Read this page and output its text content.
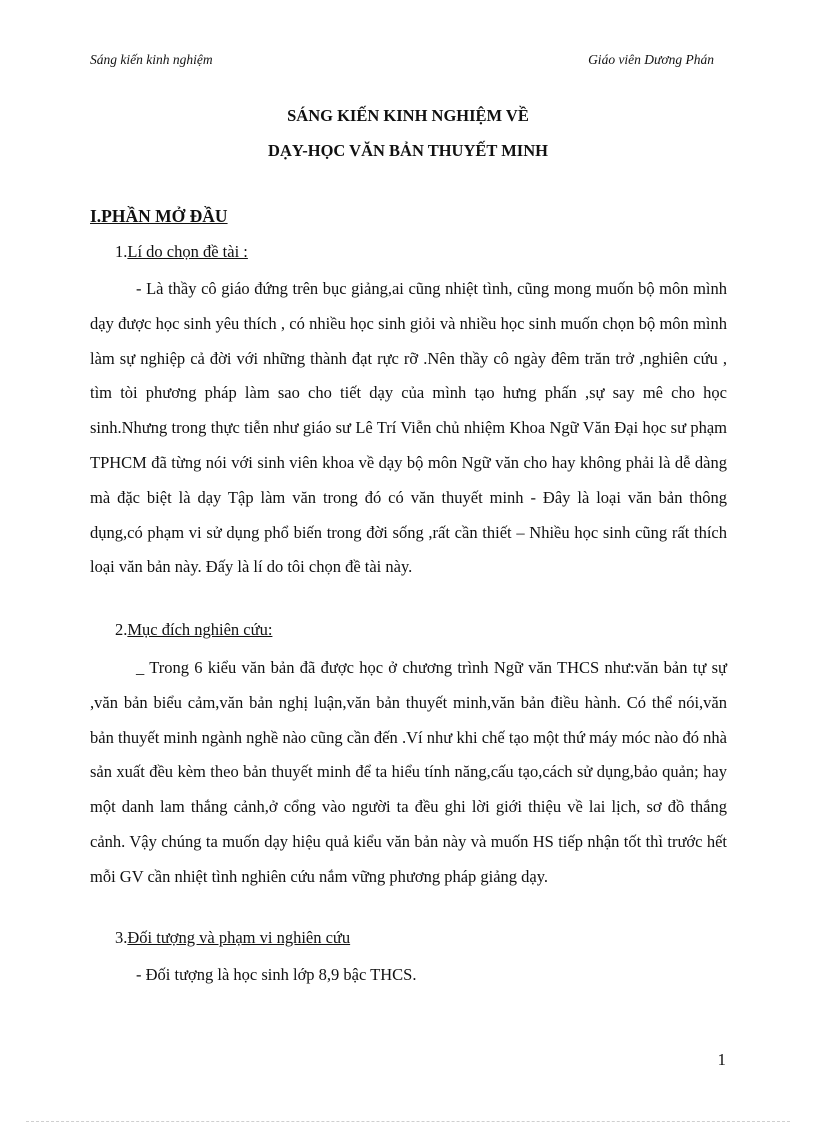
Sáng kiến kinh nghiệm	Giáo viên Dương Phán
SÁNG KIẾN KINH NGHIỆM VỀ
DẠY-HỌC VĂN BẢN THUYẾT MINH
I.PHẦN MỞ ĐẦU
1.Lí do chọn đề tài :

- Là thầy cô giáo đứng trên bục giảng,ai cũng nhiệt tình, cũng mong muốn bộ môn mình dạy được học sinh yêu thích , có nhiều học sinh giỏi và nhiều học sinh muốn chọn bộ môn mình làm sự nghiệp cả đời với những thành đạt rực rỡ .Nên thầy cô ngày đêm trăn trở ,nghiên cứu , tìm tòi phương pháp làm sao cho tiết dạy của mình tạo hưng phấn ,sự say mê cho học sinh.Nhưng trong thực tiễn như giáo sư Lê Trí Viễn chủ nhiệm Khoa Ngữ Văn Đại học sư phạm TPHCM đã từng nói với sinh viên khoa về dạy bộ môn Ngữ văn cho hay không phải là dễ dàng mà đặc biệt là dạy Tập làm văn trong đó có văn thuyết minh - Đây là loại văn bản thông dụng,có phạm vi sử dụng phổ biến trong đời sống ,rất cần thiết – Nhiều học sinh cũng rất thích loại văn bản này. Đấy là lí do tôi chọn đề tài này.

2.Mục đích nghiên cứu:

_ Trong 6 kiểu văn bản đã được học ở chương trình Ngữ văn THCS như:văn bản tự sự ,văn bản biểu cảm,văn bản nghị luận,văn bản thuyết minh,văn bản điều hành. Có thể nói,văn bản thuyết minh ngành nghề nào cũng cần đến .Ví như khi chế tạo một thứ máy móc nào đó nhà sản xuất đều kèm theo bản thuyết minh để ta hiểu tính năng,cấu tạo,cách sử dụng,bảo quản; hay một danh lam thắng cảnh,ở cổng vào người ta đều ghi lời giới thiệu về lai lịch, sơ đồ thắng cảnh. Vậy chúng ta muốn dạy hiệu quả kiểu văn bản này và muốn HS tiếp nhận tốt thì trước hết mỗi GV cần nhiệt tình nghiên cứu nắm vững phương pháp giảng dạy.

3.Đối tượng và phạm vi nghiên cứu

- Đối tượng là học sinh lớp 8,9 bậc THCS.

1
